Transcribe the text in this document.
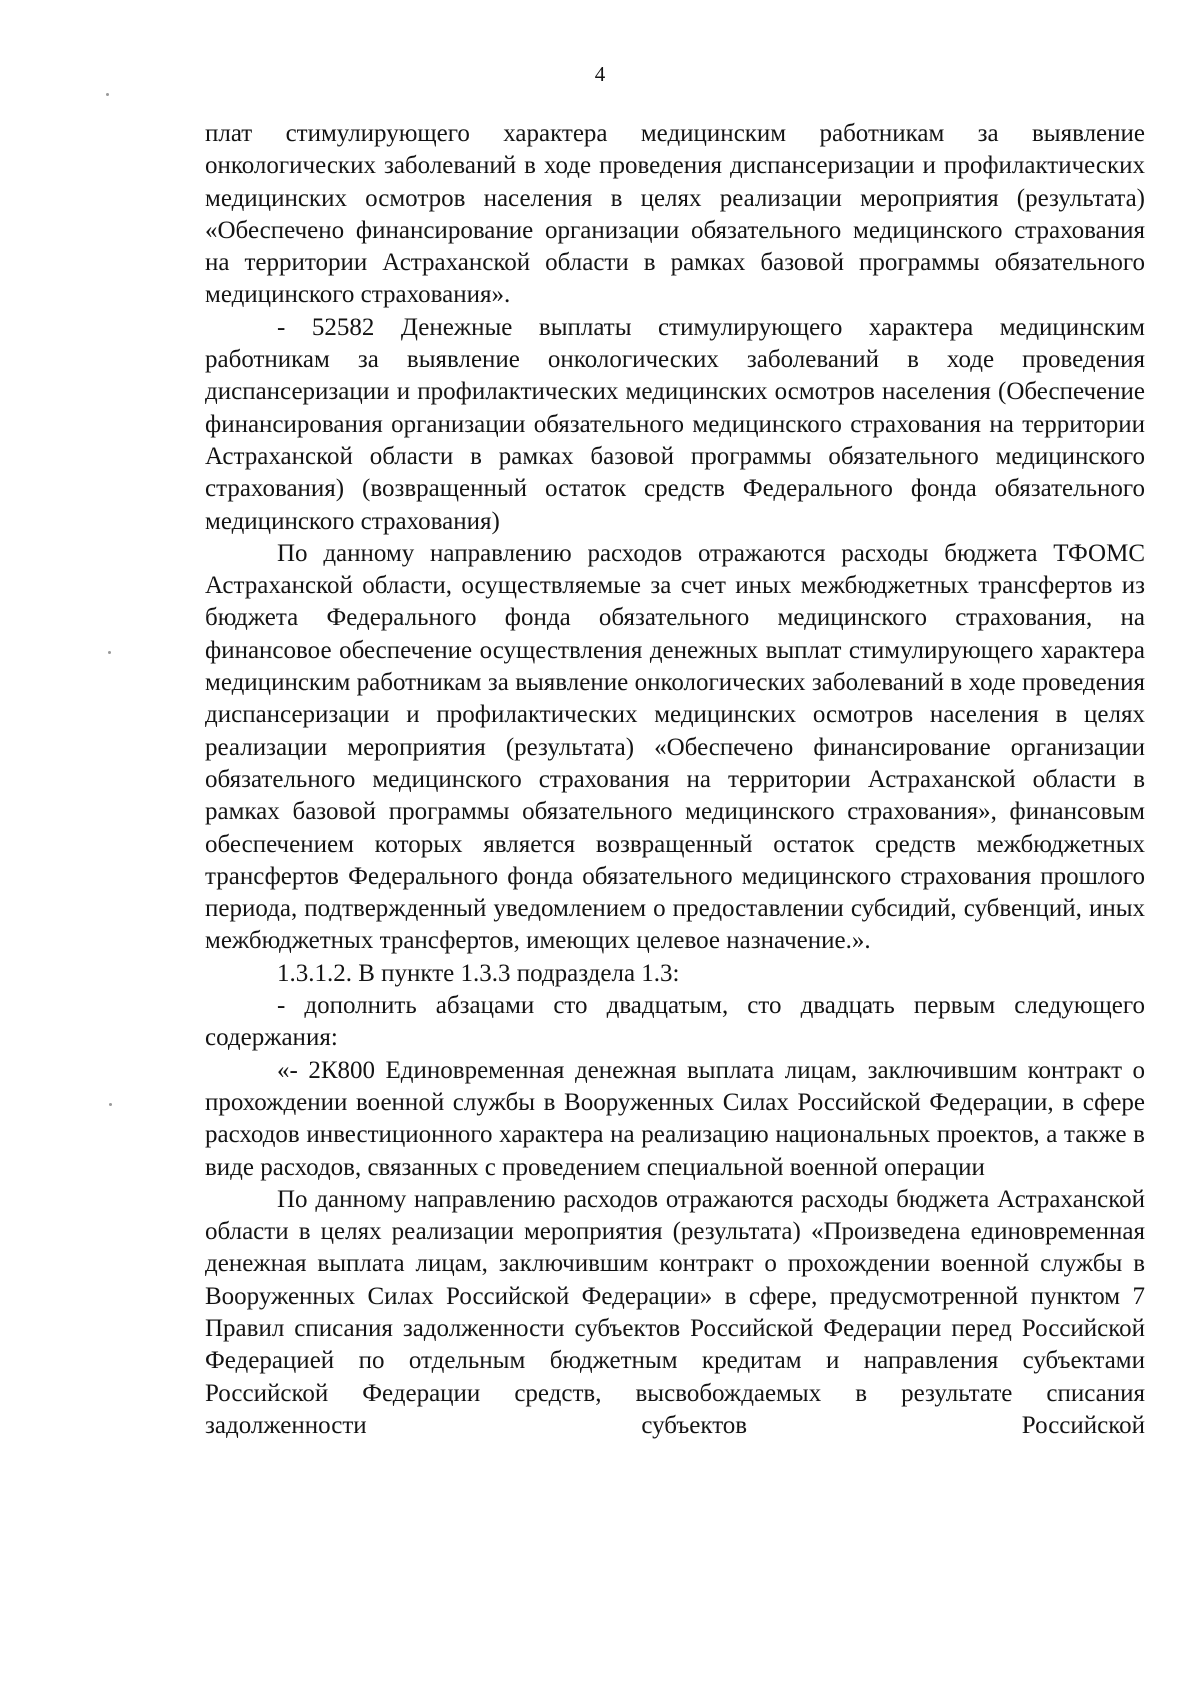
4

плат стимулирующего характера медицинским работникам за выявление онкологических заболеваний в ходе проведения диспансеризации и профилактических медицинских осмотров населения в целях реализации мероприятия (результата) «Обеспечено финансирование организации обязательного медицинского страхования на территории Астраханской области в рамках базовой программы обязательного медицинского страхования».

- 52582 Денежные выплаты стимулирующего характера медицинским работникам за выявление онкологических заболеваний в ходе проведения диспансеризации и профилактических медицинских осмотров населения (Обеспечение финансирования организации обязательного медицинского страхования на территории Астраханской области в рамках базовой программы обязательного медицинского страхования) (возвращенный остаток средств Федерального фонда обязательного медицинского страхования)

По данному направлению расходов отражаются расходы бюджета ТФОМС Астраханской области, осуществляемые за счет иных межбюджетных трансфертов из бюджета Федерального фонда обязательного медицинского страхования, на финансовое обеспечение осуществления денежных выплат стимулирующего характера медицинским работникам за выявление онкологических заболеваний в ходе проведения диспансеризации и профилактических медицинских осмотров населения в целях реализации мероприятия (результата) «Обеспечено финансирование организации обязательного медицинского страхования на территории Астраханской области в рамках базовой программы обязательного медицинского страхования», финансовым обеспечением которых является возвращенный остаток средств межбюджетных трансфертов Федерального фонда обязательного медицинского страхования прошлого периода, подтвержденный уведомлением о предоставлении субсидий, субвенций, иных межбюджетных трансфертов, имеющих целевое назначение.».

1.3.1.2. В пункте 1.3.3 подраздела 1.3:

- дополнить абзацами сто двадцатым, сто двадцать первым следующего содержания:

«- 2К800 Единовременная денежная выплата лицам, заключившим контракт о прохождении военной службы в Вооруженных Силах Российской Федерации, в сфере расходов инвестиционного характера на реализацию национальных проектов, а также в виде расходов, связанных с проведением специальной военной операции

По данному направлению расходов отражаются расходы бюджета Астраханской области в целях реализации мероприятия (результата) «Произведена единовременная денежная выплата лицам, заключившим контракт о прохождении военной службы в Вооруженных Силах Российской Федерации» в сфере, предусмотренной пунктом 7 Правил списания задолженности субъектов Российской Федерации перед Российской Федерацией по отдельным бюджетным кредитам и направления субъектами Российской Федерации средств, высвобождаемых в результате списания задолженности субъектов Российской
